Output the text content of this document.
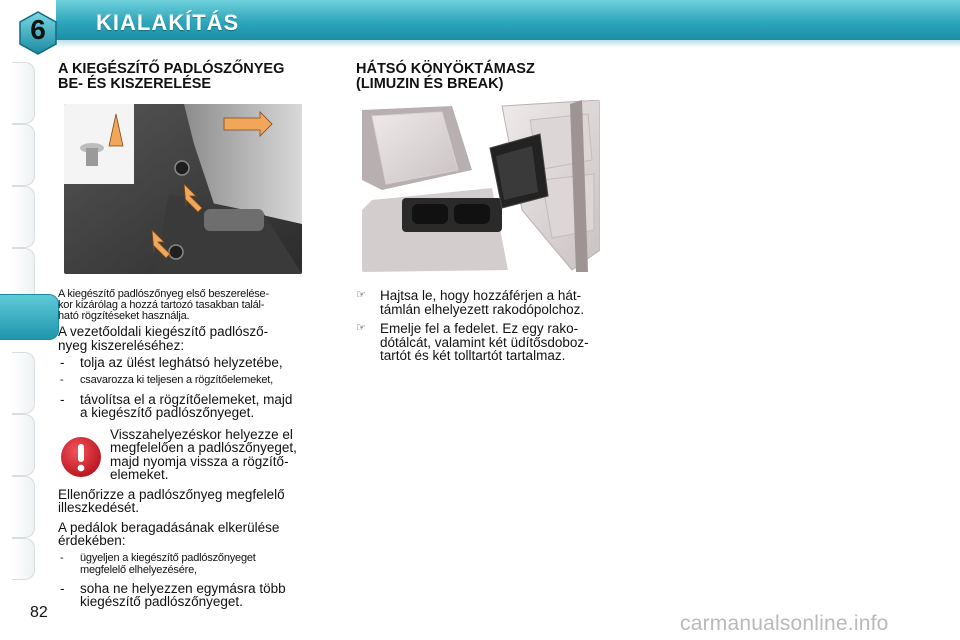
6	KIALAKÍTÁS
A KIEGÉSZÍTŐ PADLÓSZŐNYEG
BE- ÉS KISZERELÉSE

A kiegészítő padlószőnyeg első beszerelése-
kor kizárólag a hozzá tartozó tasakban talál-
ható rögzítéseket használja.

A vezetőoldali kiegészítő padlósző-
nyeg kiszereléséhez:

- tolja az ülést leghátsó helyzetébe,
- csavarozza ki teljesen a rögzítőelemeket,
- távolítsa el a rögzítőelemeket, majd
a kiegészítő padlószőnyeget.

Visszahelyezéskor helyezze el
megfelelően a padlószőnyeget,
majd nyomja vissza a rögzítő-
elemeket.

Ellenőrizze a padlószőnyeg megfelelő
illeszkedését.

A pedálok beragadásának elkerülése
érdekében:

- ügyeljen a kiegészítő padlószőnyeget
megfelelő elhelyezésére,
- soha ne helyezzen egymásra több
kiegészítő padlószőnyeget.
HÁTSÓ KÖNYÖKTÁMASZ
(LIMUZIN ÉS BREAK)
☞ Hajtsa le, hogy hozzáférjen a hát-
támlán elhelyezett rakodópolchoz.
☞ Emelje fel a fedelet. Ez egy rako-
dótálcát, valamint két üdítősdoboz-
tartót és két tolltartót tartalmaz.
82	carmanualsonline.info
